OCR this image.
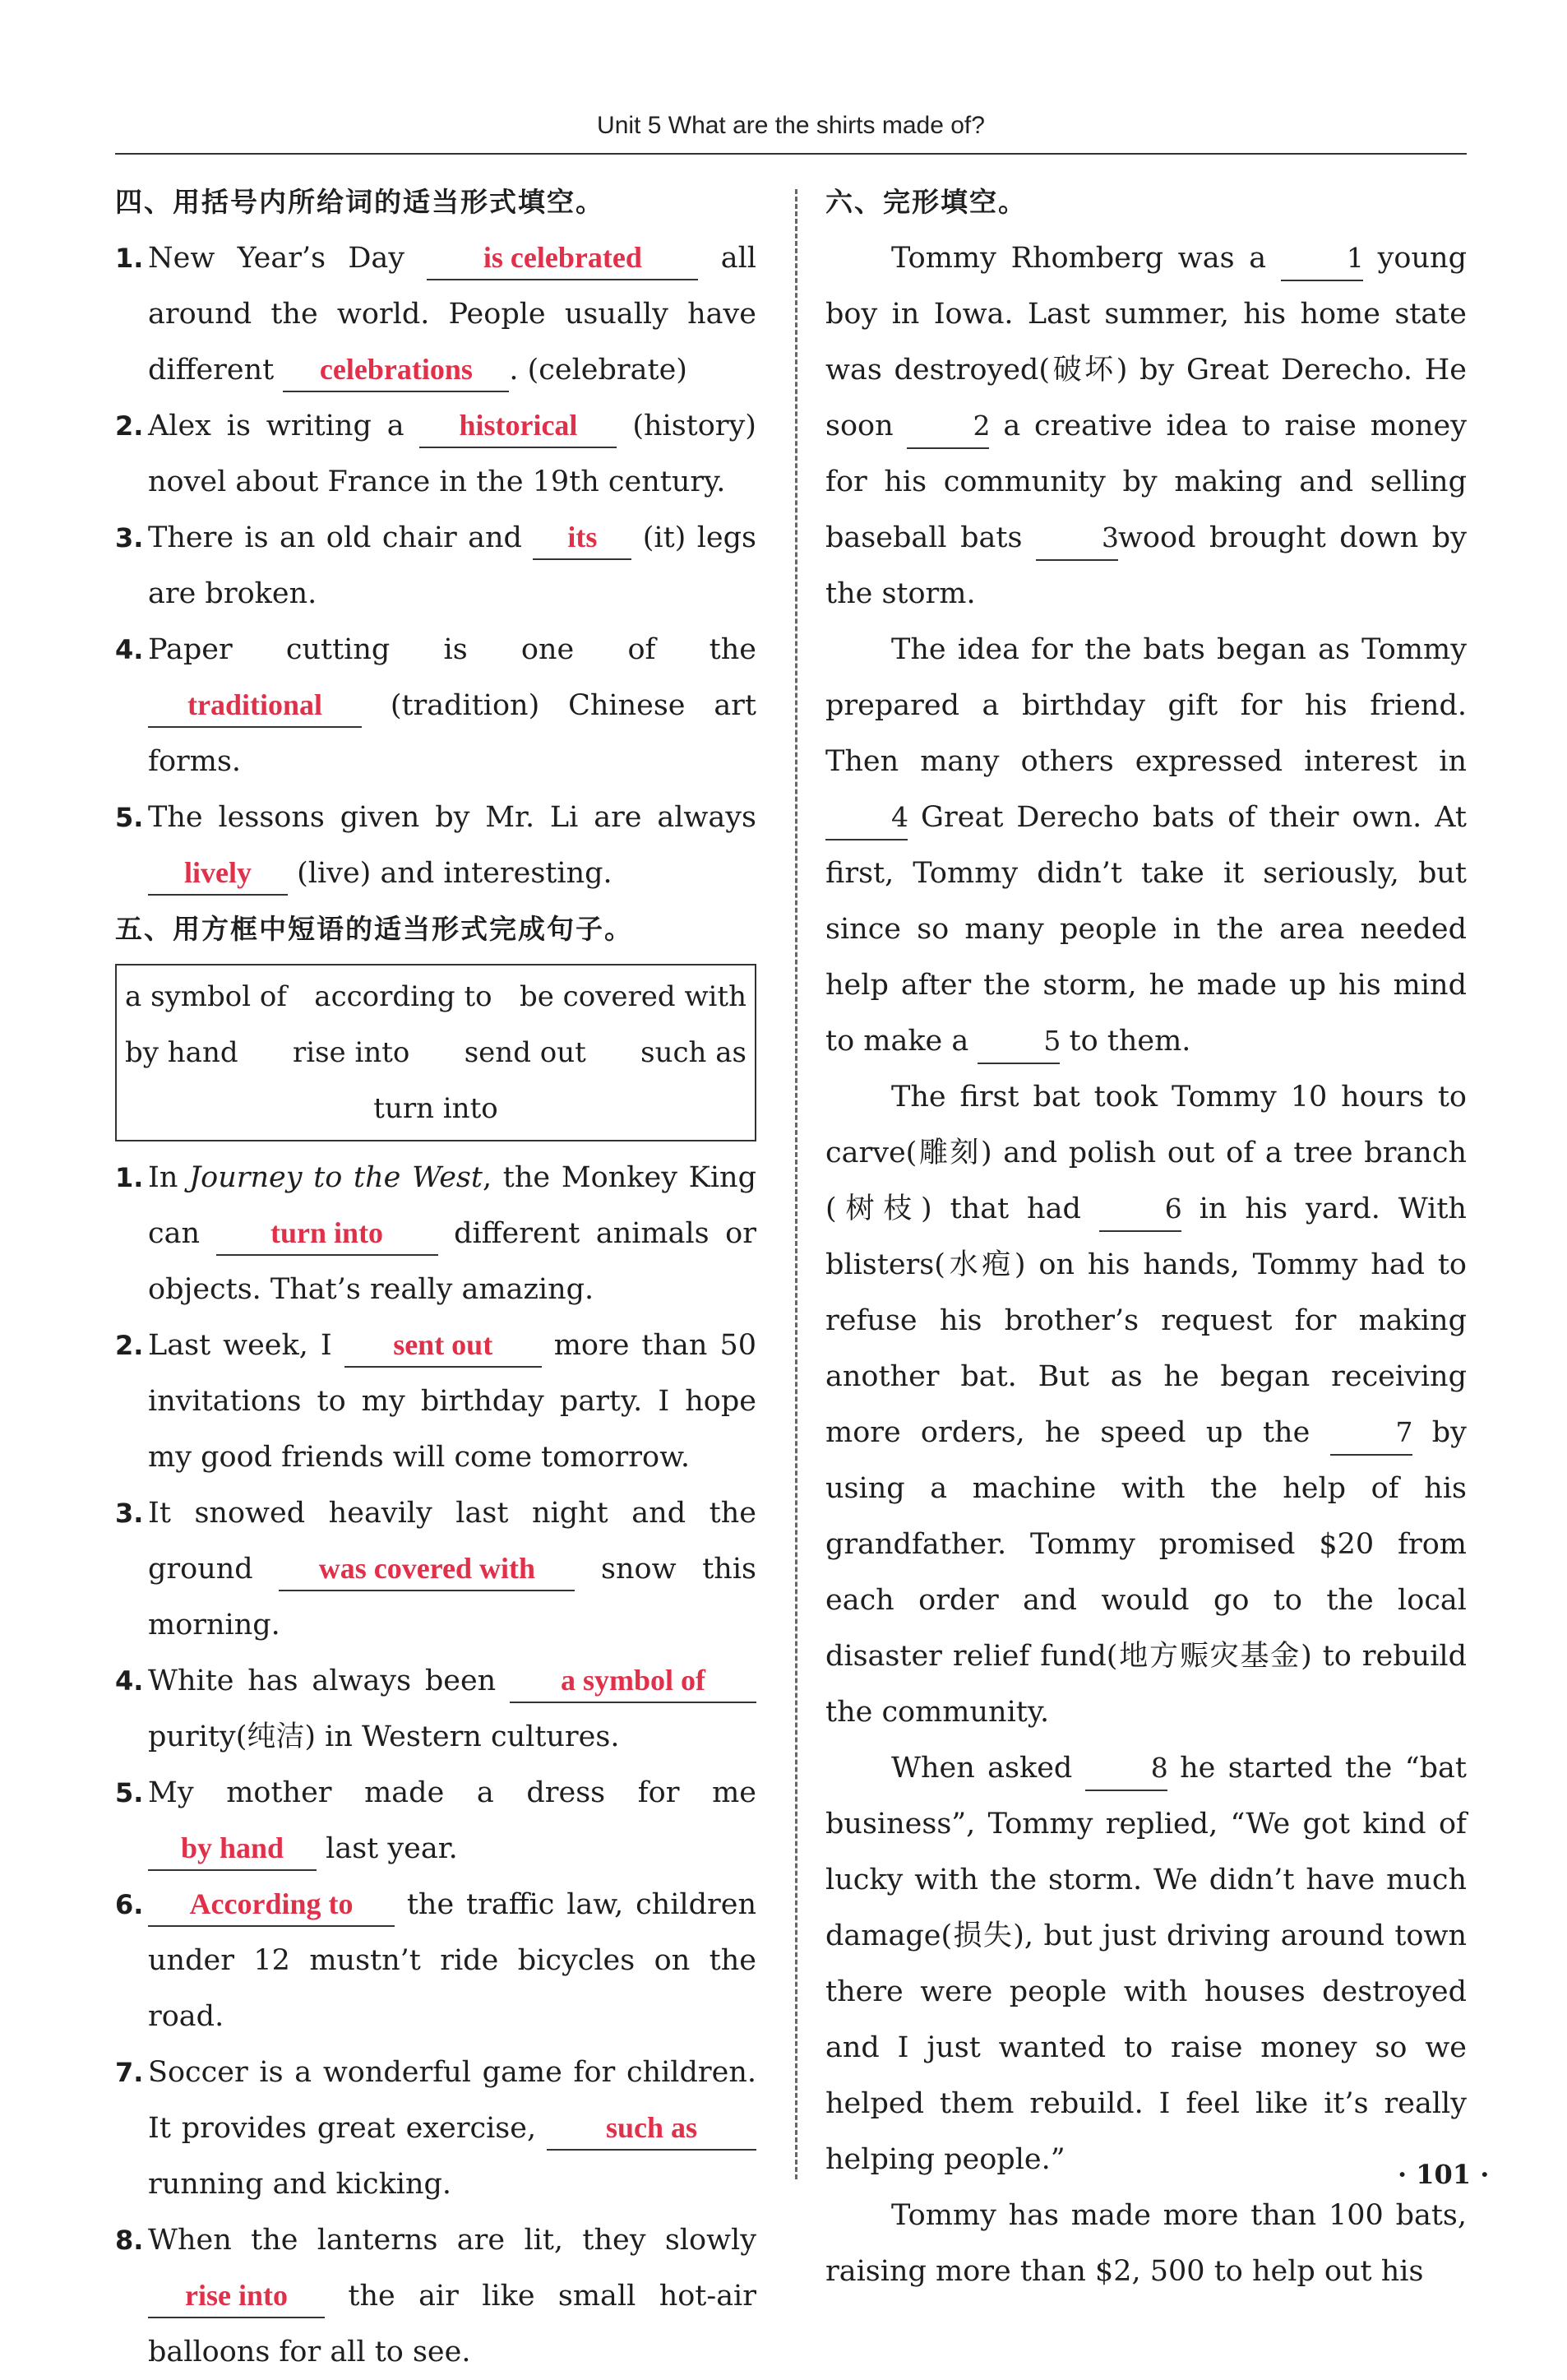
Unit 5 What are the shirts made of?
四、用括号内所给词的适当形式填空。
1. New Year’s Day	is celebrated	all around the world. People usually have different celebrations . (celebrate)
2. Alex is writing a historical (history) novel about France in the 19th century.
3. There is an old chair and its (it) legs are broken.
4. Paper cutting is one of the traditional (tradition) Chinese art forms.
5. The lessons given by Mr. Li are always lively (live) and interesting.
五、用方框中短语的适当形式完成句子。
a symbol of according to be covered with
by hand rise into send out such as
turn into
1. In Journey to the West, the Monkey King can turn into different animals or objects. That’s really amazing.
2. Last week, I sent out more than 50 invitations to my birthday party. I hope my good friends will come tomorrow.
3. It snowed heavily last night and the ground was covered with snow this morning.
4. White has always been a symbol of purity(纯洁) in Western cultures.
5. My mother made a dress for me by hand last year.
6. According to the traffic law, children under 12 mustn’t ride bicycles on the road.
7. Soccer is a wonderful game for children. It provides great exercise, such as running and kicking.
8. When the lanterns are lit, they slowly rise into the air like small hot-air balloons for all to see.
六、完形填空。
Tommy Rhomberg was a	1 young boy in Iowa. Last summer, his home state was destroyed(破坏) by Great Derecho. He soon	2 a creative idea to raise money for his community by making and selling baseball bats	3wood brought down by the storm.
The idea for the bats began as Tommy prepared a birthday gift for his friend. Then many others expressed interest in 4 Great Derecho bats of their own. At first, Tommy didn’t take it seriously, but since so many people in the area needed help after the storm, he made up his mind to make a	5 to them.
The first bat took Tommy 10 hours to carve(雕刻) and polish out of a tree branch (树枝) that had	6 in his yard. With blisters(水疱) on his hands, Tommy had to refuse his brother’s request for making another bat. But as he began receiving more orders, he speed up the	7 by using a machine with the help of his grandfather. Tommy promised $20 from each order and would go to the local disaster relief fund(地方赈灾基金) to rebuild the community.
When asked	8 he started the “bat business”, Tommy replied, “We got kind of lucky with the storm. We didn’t have much damage(损失), but just driving around town there were people with houses destroyed and I just wanted to raise money so we helped them rebuild. I feel like it’s really helping people.”
Tommy has made more than 100 bats, raising more than $2, 500 to help out his
· 101 ·
